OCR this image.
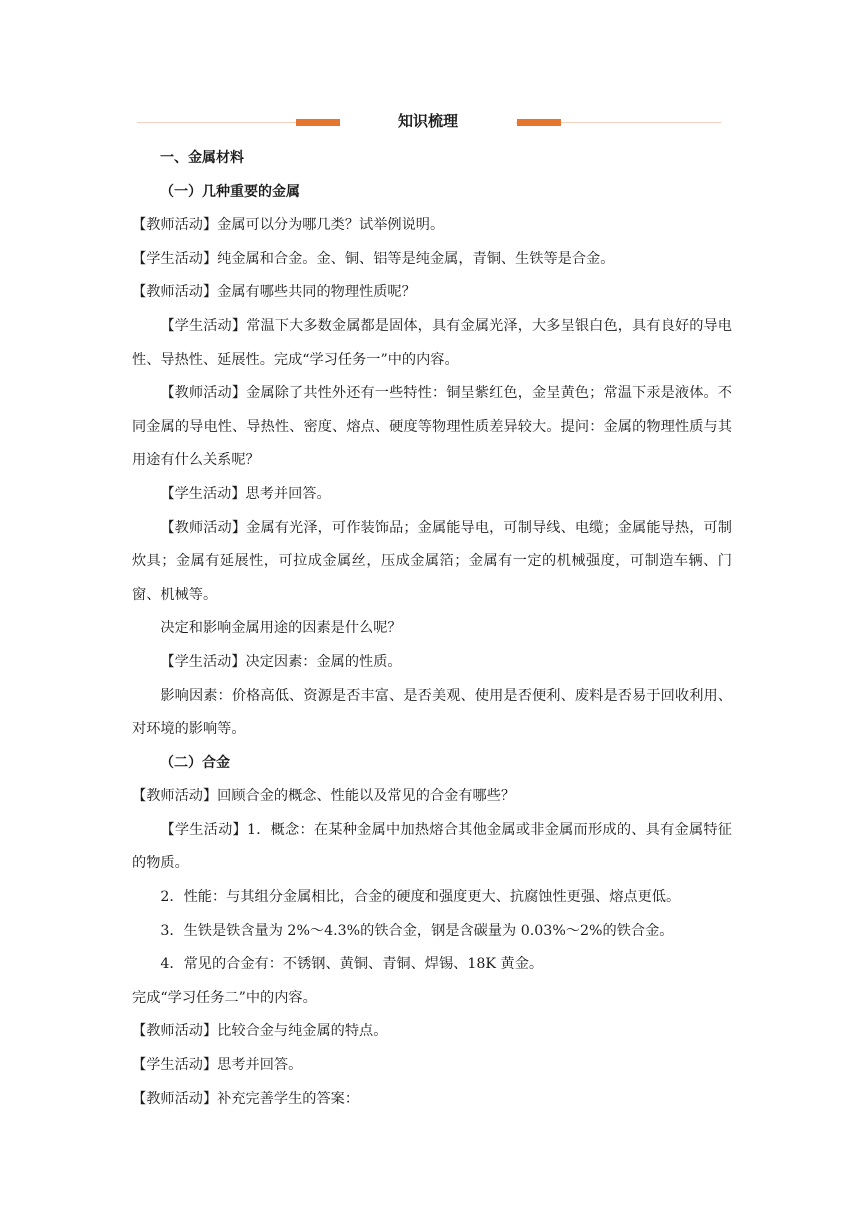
知识梳理

一、金属材料

（一）几种重要的金属

【教师活动】金属可以分为哪几类？试举例说明。

【学生活动】纯金属和合金。金、铜、铝等是纯金属，青铜、生铁等是合金。

【教师活动】金属有哪些共同的物理性质呢？

【学生活动】常温下大多数金属都是固体，具有金属光泽，大多呈银白色，具有良好的导电性、导热性、延展性。完成“学习任务一”中的内容。

【教师活动】金属除了共性外还有一些特性：铜呈紫红色，金呈黄色；常温下汞是液体。不同金属的导电性、导热性、密度、熔点、硬度等物理性质差异较大。提问：金属的物理性质与其用途有什么关系呢？

【学生活动】思考并回答。

【教师活动】金属有光泽，可作装饰品；金属能导电，可制导线、电缆；金属能导热，可制炊具；金属有延展性，可拉成金属丝，压成金属箔；金属有一定的机械强度，可制造车辆、门窗、机械等。

决定和影响金属用途的因素是什么呢？

【学生活动】决定因素：金属的性质。

影响因素：价格高低、资源是否丰富、是否美观、使用是否便利、废料是否易于回收利用、对环境的影响等。

（二）合金

【教师活动】回顾合金的概念、性能以及常见的合金有哪些？

【学生活动】1．概念：在某种金属中加热熔合其他金属或非金属而形成的、具有金属特征的物质。

2．性能：与其组分金属相比，合金的硬度和强度更大、抗腐蚀性更强、熔点更低。

3．生铁是铁含量为 2%～4.3%的铁合金，钢是含碳量为 0.03%～2%的铁合金。

4．常见的合金有：不锈钢、黄铜、青铜、焊锡、18K 黄金。

完成“学习任务二”中的内容。

【教师活动】比较合金与纯金属的特点。

【学生活动】思考并回答。

【教师活动】补充完善学生的答案：
